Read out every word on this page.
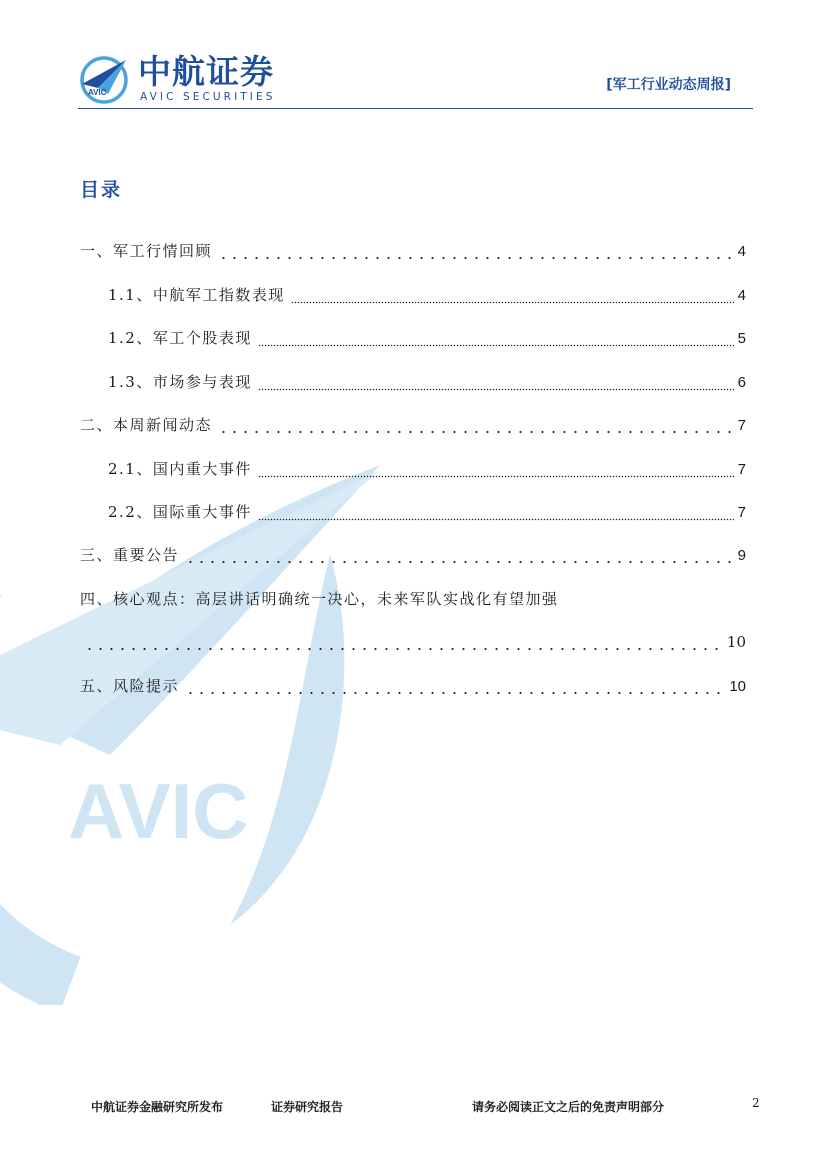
AVIC
AVIC
中航证券
AVIC SECURITIES
[军工行业动态周报]
目录
一、军工行情回顾	4
1.1、中航军工指数表现	4
1.2、军工个股表现	5
1.3、市场参与表现	6
二、本周新闻动态	7
2.1、国内重大事件	7
2.2、国际重大事件	7
三、重要公告	9
四、核心观点：高层讲话明确统一决心，未来军队实战化有望加强
10
五、风险提示	10
中航证券金融研究所发布	证券研究报告	请务必阅读正文之后的免责声明部分	2
